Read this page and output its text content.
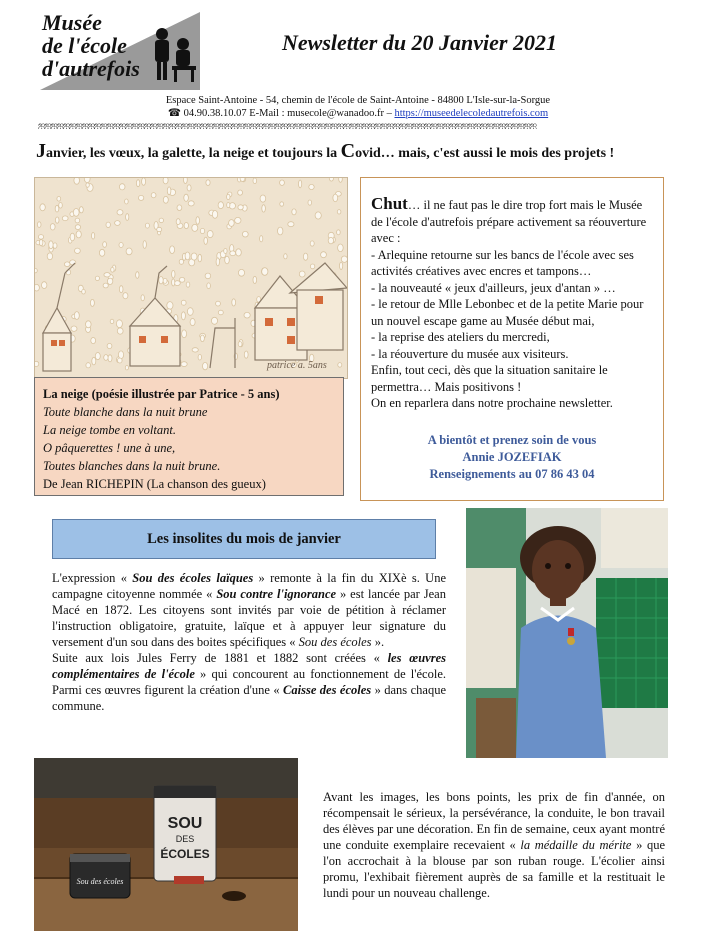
Musée
de l'école
d'autrefois
Newsletter du 20 Janvier 2021
Espace Saint-Antoine - 54, chemin de l'école de Saint-Antoine - 84800 L'Isle-sur-la-Sorgue
☎ 04.90.38.10.07 E-Mail : musecole@wanadoo.fr – https://museedelecoledautrefois.com
ஐஐஐஐஐஐஐஐஐஐஐஐஐஐஐஐஐஐஐஐஐஐஐஐஐஐஐஐஐஐஐஐஐஐஐஐஐஐஐஐஐஐஐஐஐஐஐஐஐஐஐஐஐஐஐஐஐஐஐஐஐஐஐஐஐஐஐஐஐஐஐஐஐஐஐஐஐஐஐஐ
Janvier, les vœux, la galette, la neige et toujours la Covid… mais, c'est aussi le mois des projets !
patrice a. 5ans
La neige (poésie illustrée par Patrice - 5 ans)
Toute blanche dans la nuit brune
La neige tombe en voltant.
O pâquerettes ! une à une,
Toutes blanches dans la nuit brune.
De Jean RICHEPIN (La chanson des gueux)
Chut… il ne faut pas le dire trop fort mais le Musée de l'école d'autrefois prépare activement sa réouverture avec :
- Arlequine retourne sur les bancs de l'école avec ses activités créatives avec encres et tampons…
- la nouveauté « jeux d'ailleurs, jeux d'antan » …
- le retour de Mlle Lebonbec et de la petite Marie pour un nouvel escape game au Musée début mai,
- la reprise des ateliers du mercredi,
- la réouverture du musée aux visiteurs.
Enfin, tout ceci, dès que la situation sanitaire le permettra… Mais positivons !
On en reparlera dans notre prochaine newsletter.
A bientôt et prenez soin de vous
Annie JOZEFIAK
Renseignements au 07 86 43 04
Les insolites du mois de janvier

L'expression « Sou des écoles laïques » remonte à la fin du XIXè s. Une campagne citoyenne nommée « Sou contre l'ignorance » est lancée par Jean Macé en 1872. Les citoyens sont invités par voie de pétition à réclamer l'instruction obligatoire, gratuite, laïque et à appuyer leur signature du versement d'un sou dans des boites spécifiques « Sou des écoles ».

Suite aux lois Jules Ferry de 1881 et 1882 sont créées « les œuvres complémentaires de l'école » qui concourent au fonctionnement de l'école. Parmi ces œuvres figurent la création d'une « Caisse des écoles » dans chaque commune.

SOU
DES
ÉCOLES
Sou des écoles
Avant les images, les bons points, les prix de fin d'année, on récompensait le sérieux, la persévérance, la conduite, le bon travail des élèves par une décoration. En fin de semaine, ceux ayant montré une conduite exemplaire recevaient « la médaille du mérite » que l'on accrochait à la blouse par son ruban rouge. L'écolier ainsi promu, l'exhibait fièrement auprès de sa famille et la restituait le lundi pour un nouveau challenge.
